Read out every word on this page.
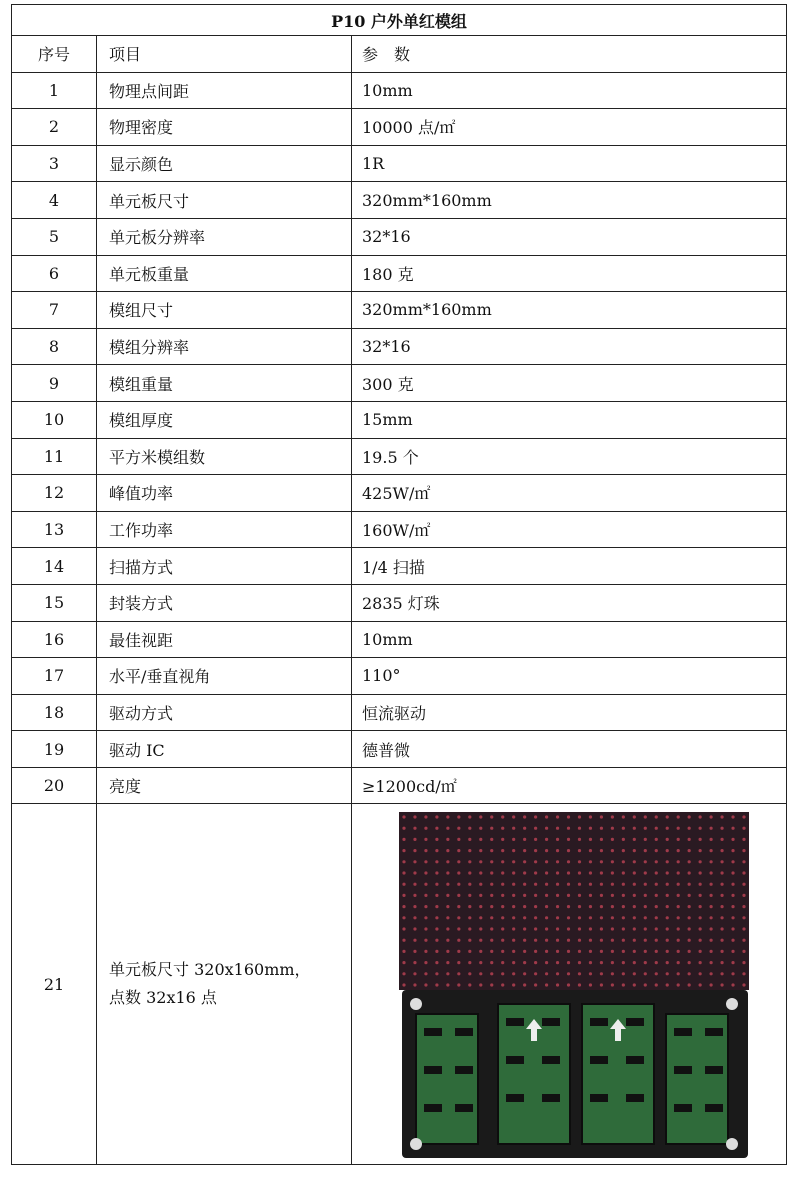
P10 户外单红模组		
序号	项目	参　数
1	物理点间距	10mm
2	物理密度	10000 点/㎡
3	显示颜色	1R
4	单元板尺寸	320mm*160mm
5	单元板分辨率	32*16
6	单元板重量	180 克
7	模组尺寸	320mm*160mm
8	模组分辨率	32*16
9	模组重量	300 克
10	模组厚度	15mm
11	平方米模组数	19.5 个
12	峰值功率	425W/㎡
13	工作功率	160W/㎡
14	扫描方式	1/4 扫描
15	封装方式	2835 灯珠
16	最佳视距	10mm
17	水平/垂直视角	110°
18	驱动方式	恒流驱动
19	驱动 IC	德普微
20	亮度	≥1200cd/㎡
21	单元板尺寸 320x160mm，
点数 32x16 点
